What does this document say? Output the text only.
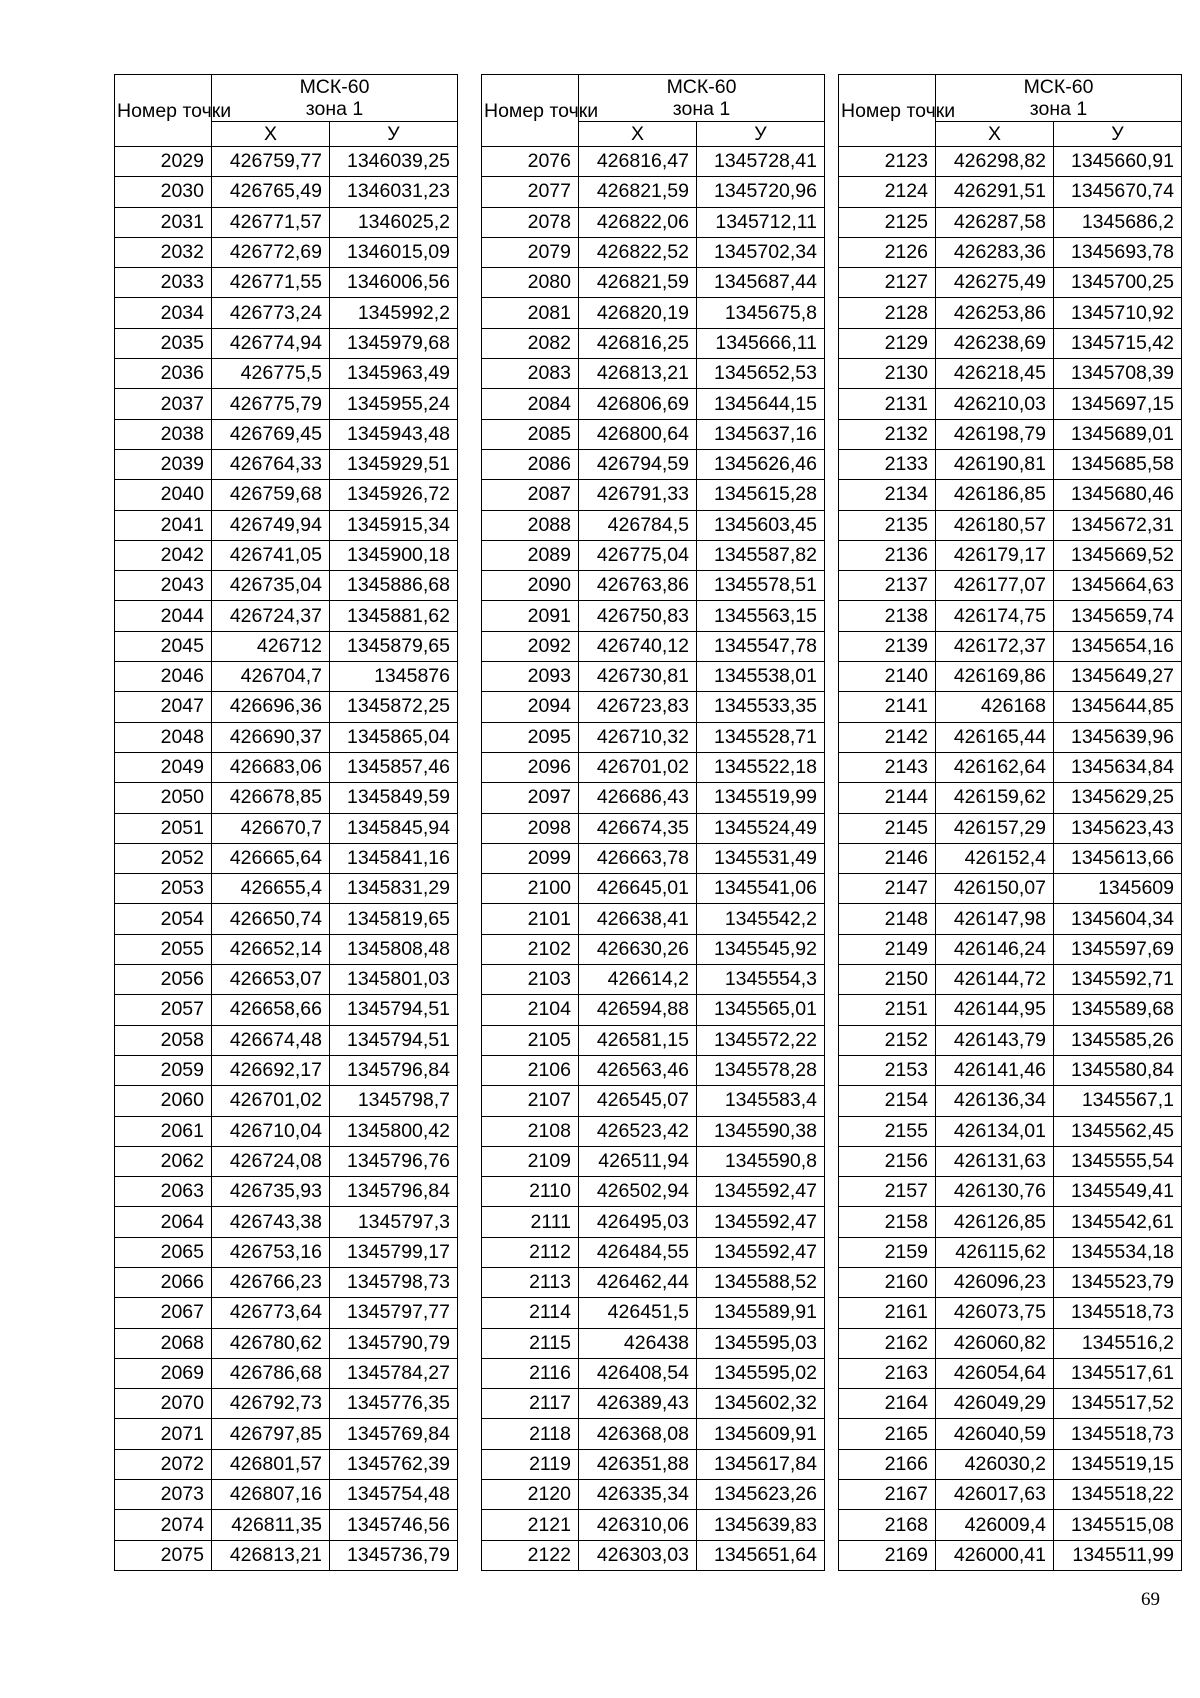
Номер точки	МСК-60
зона 1	

	Х	У
2029	426759,77	1346039,25
2030	426765,49	1346031,23
2031	426771,57	1346025,2
2032	426772,69	1346015,09
2033	426771,55	1346006,56
2034	426773,24	1345992,2
2035	426774,94	1345979,68
2036	426775,5	1345963,49
2037	426775,79	1345955,24
2038	426769,45	1345943,48
2039	426764,33	1345929,51
2040	426759,68	1345926,72
2041	426749,94	1345915,34
2042	426741,05	1345900,18
2043	426735,04	1345886,68
2044	426724,37	1345881,62
2045	426712	1345879,65
2046	426704,7	1345876
2047	426696,36	1345872,25
2048	426690,37	1345865,04
2049	426683,06	1345857,46
2050	426678,85	1345849,59
2051	426670,7	1345845,94
2052	426665,64	1345841,16
2053	426655,4	1345831,29
2054	426650,74	1345819,65
2055	426652,14	1345808,48
2056	426653,07	1345801,03
2057	426658,66	1345794,51
2058	426674,48	1345794,51
2059	426692,17	1345796,84
2060	426701,02	1345798,7
2061	426710,04	1345800,42
2062	426724,08	1345796,76
2063	426735,93	1345796,84
2064	426743,38	1345797,3
2065	426753,16	1345799,17
2066	426766,23	1345798,73
2067	426773,64	1345797,77
2068	426780,62	1345790,79
2069	426786,68	1345784,27
2070	426792,73	1345776,35
2071	426797,85	1345769,84
2072	426801,57	1345762,39
2073	426807,16	1345754,48
2074	426811,35	1345746,56
2075	426813,21	1345736,79
Номер точки	МСК-60
зона 1	

	Х	У
2076	426816,47	1345728,41
2077	426821,59	1345720,96
2078	426822,06	1345712,11
2079	426822,52	1345702,34
2080	426821,59	1345687,44
2081	426820,19	1345675,8
2082	426816,25	1345666,11
2083	426813,21	1345652,53
2084	426806,69	1345644,15
2085	426800,64	1345637,16
2086	426794,59	1345626,46
2087	426791,33	1345615,28
2088	426784,5	1345603,45
2089	426775,04	1345587,82
2090	426763,86	1345578,51
2091	426750,83	1345563,15
2092	426740,12	1345547,78
2093	426730,81	1345538,01
2094	426723,83	1345533,35
2095	426710,32	1345528,71
2096	426701,02	1345522,18
2097	426686,43	1345519,99
2098	426674,35	1345524,49
2099	426663,78	1345531,49
2100	426645,01	1345541,06
2101	426638,41	1345542,2
2102	426630,26	1345545,92
2103	426614,2	1345554,3
2104	426594,88	1345565,01
2105	426581,15	1345572,22
2106	426563,46	1345578,28
2107	426545,07	1345583,4
2108	426523,42	1345590,38
2109	426511,94	1345590,8
2110	426502,94	1345592,47
2111	426495,03	1345592,47
2112	426484,55	1345592,47
2113	426462,44	1345588,52
2114	426451,5	1345589,91
2115	426438	1345595,03
2116	426408,54	1345595,02
2117	426389,43	1345602,32
2118	426368,08	1345609,91
2119	426351,88	1345617,84
2120	426335,34	1345623,26
2121	426310,06	1345639,83
2122	426303,03	1345651,64
Номер точки	МСК-60
зона 1	

	Х	У
2123	426298,82	1345660,91
2124	426291,51	1345670,74
2125	426287,58	1345686,2
2126	426283,36	1345693,78
2127	426275,49	1345700,25
2128	426253,86	1345710,92
2129	426238,69	1345715,42
2130	426218,45	1345708,39
2131	426210,03	1345697,15
2132	426198,79	1345689,01
2133	426190,81	1345685,58
2134	426186,85	1345680,46
2135	426180,57	1345672,31
2136	426179,17	1345669,52
2137	426177,07	1345664,63
2138	426174,75	1345659,74
2139	426172,37	1345654,16
2140	426169,86	1345649,27
2141	426168	1345644,85
2142	426165,44	1345639,96
2143	426162,64	1345634,84
2144	426159,62	1345629,25
2145	426157,29	1345623,43
2146	426152,4	1345613,66
2147	426150,07	1345609
2148	426147,98	1345604,34
2149	426146,24	1345597,69
2150	426144,72	1345592,71
2151	426144,95	1345589,68
2152	426143,79	1345585,26
2153	426141,46	1345580,84
2154	426136,34	1345567,1
2155	426134,01	1345562,45
2156	426131,63	1345555,54
2157	426130,76	1345549,41
2158	426126,85	1345542,61
2159	426115,62	1345534,18
2160	426096,23	1345523,79
2161	426073,75	1345518,73
2162	426060,82	1345516,2
2163	426054,64	1345517,61
2164	426049,29	1345517,52
2165	426040,59	1345518,73
2166	426030,2	1345519,15
2167	426017,63	1345518,22
2168	426009,4	1345515,08
2169	426000,41	1345511,99
69
